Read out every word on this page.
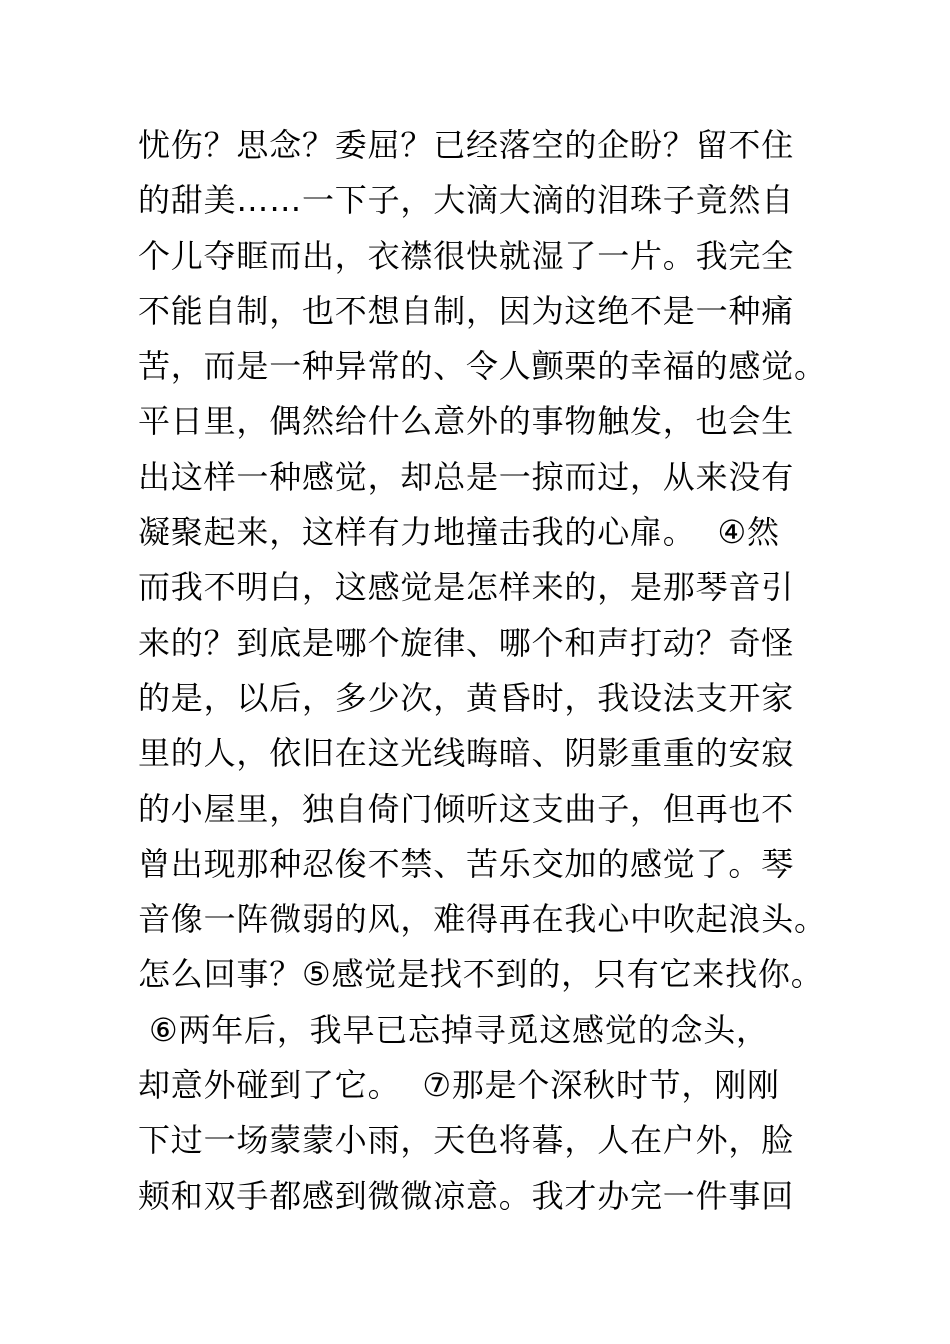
忧伤？思念？委屈？已经落空的企盼？留不住
的甜美……一下子，大滴大滴的泪珠子竟然自
个儿夺眶而出，衣襟很快就湿了一片。我完全
不能自制，也不想自制，因为这绝不是一种痛
苦，而是一种异常的、令人颤栗的幸福的感觉。
平日里，偶然给什么意外的事物触发，也会生
出这样一种感觉，却总是一掠而过，从来没有
凝聚起来，这样有力地撞击我的心扉。  ④然
而我不明白，这感觉是怎样来的，是那琴音引
来的？到底是哪个旋律、哪个和声打动？奇怪
的是，以后，多少次，黄昏时，我设法支开家
里的人，依旧在这光线晦暗、阴影重重的安寂
的小屋里，独自倚门倾听这支曲子，但再也不
曾出现那种忍俊不禁、苦乐交加的感觉了。琴
音像一阵微弱的风，难得再在我心中吹起浪头。
怎么回事？⑤感觉是找不到的，只有它来找你。
⑥两年后，我早已忘掉寻觅这感觉的念头，
却意外碰到了它。  ⑦那是个深秋时节，刚刚
下过一场蒙蒙小雨，天色将暮，人在户外，脸
颊和双手都感到微微凉意。我才办完一件事回
